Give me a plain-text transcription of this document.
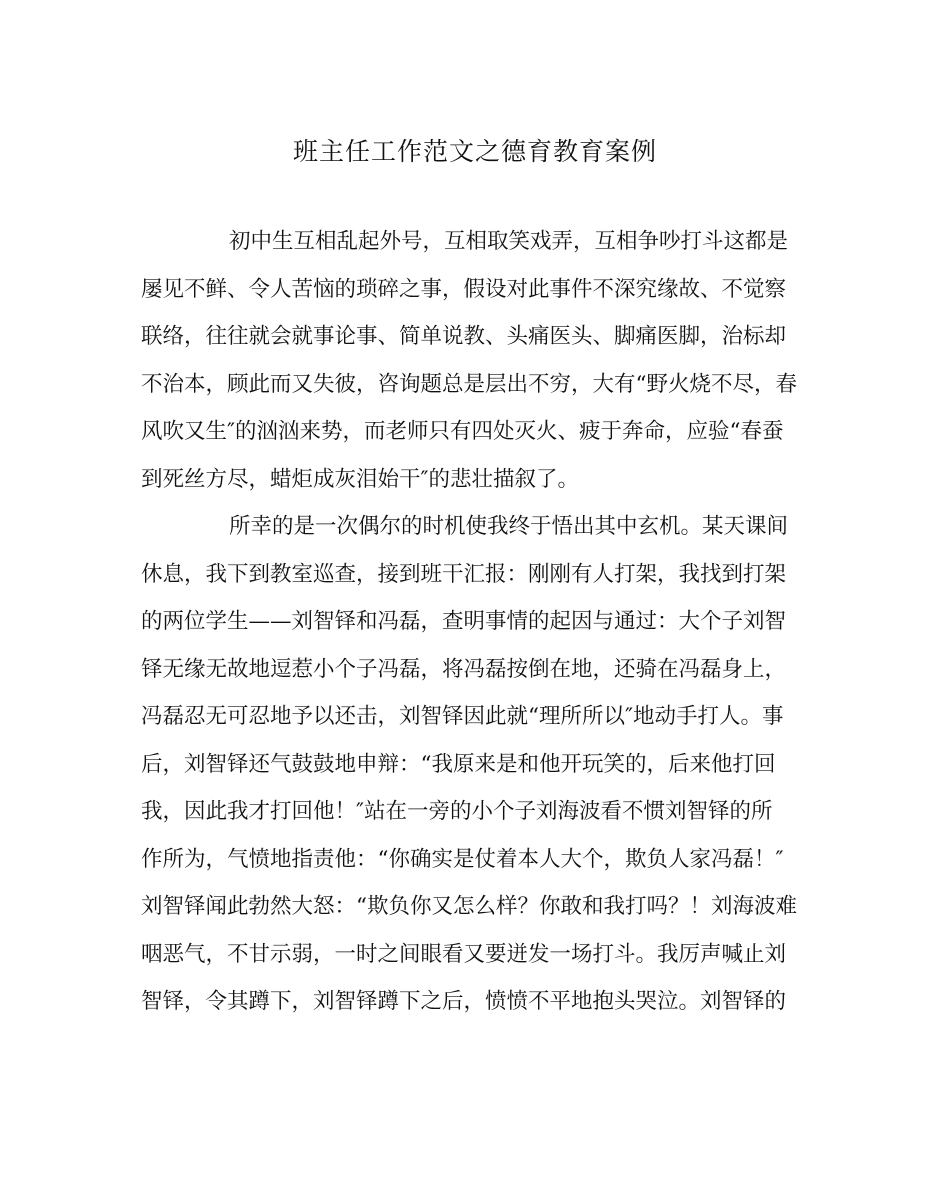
班主任工作范文之德育教育案例
初中生互相乱起外号，互相取笑戏弄，互相争吵打斗这都是
屡见不鲜、令人苦恼的琐碎之事，假设对此事件不深究缘故、不觉察
联络，往往就会就事论事、简单说教、头痛医头、脚痛医脚，治标却
不治本，顾此而又失彼，咨询题总是层出不穷，大有“野火烧不尽，春
风吹又生″的汹汹来势，而老师只有四处灭火、疲于奔命，应验“春蚕
到死丝方尽，蜡炬成灰泪始干″的悲壮描叙了。
所幸的是一次偶尔的时机使我终于悟出其中玄机。某天课间
休息，我下到教室巡查，接到班干汇报：刚刚有人打架，我找到打架
的两位学生——刘智铎和冯磊，查明事情的起因与通过：大个子刘智
铎无缘无故地逗惹小个子冯磊，将冯磊按倒在地，还骑在冯磊身上，
冯磊忍无可忍地予以还击，刘智铎因此就“理所所以″地动手打人。事
后，刘智铎还气鼓鼓地申辩：“我原来是和他开玩笑的，后来他打回
我，因此我才打回他！″站在一旁的小个子刘海波看不惯刘智铎的所
作所为，气愤地指责他：“你确实是仗着本人大个，欺负人家冯磊！″
刘智铎闻此勃然大怒：“欺负你又怎么样？你敢和我打吗？！刘海波难
咽恶气，不甘示弱，一时之间眼看又要迸发一场打斗。我厉声喊止刘
智铎，令其蹲下，刘智铎蹲下之后，愤愤不平地抱头哭泣。刘智铎的
